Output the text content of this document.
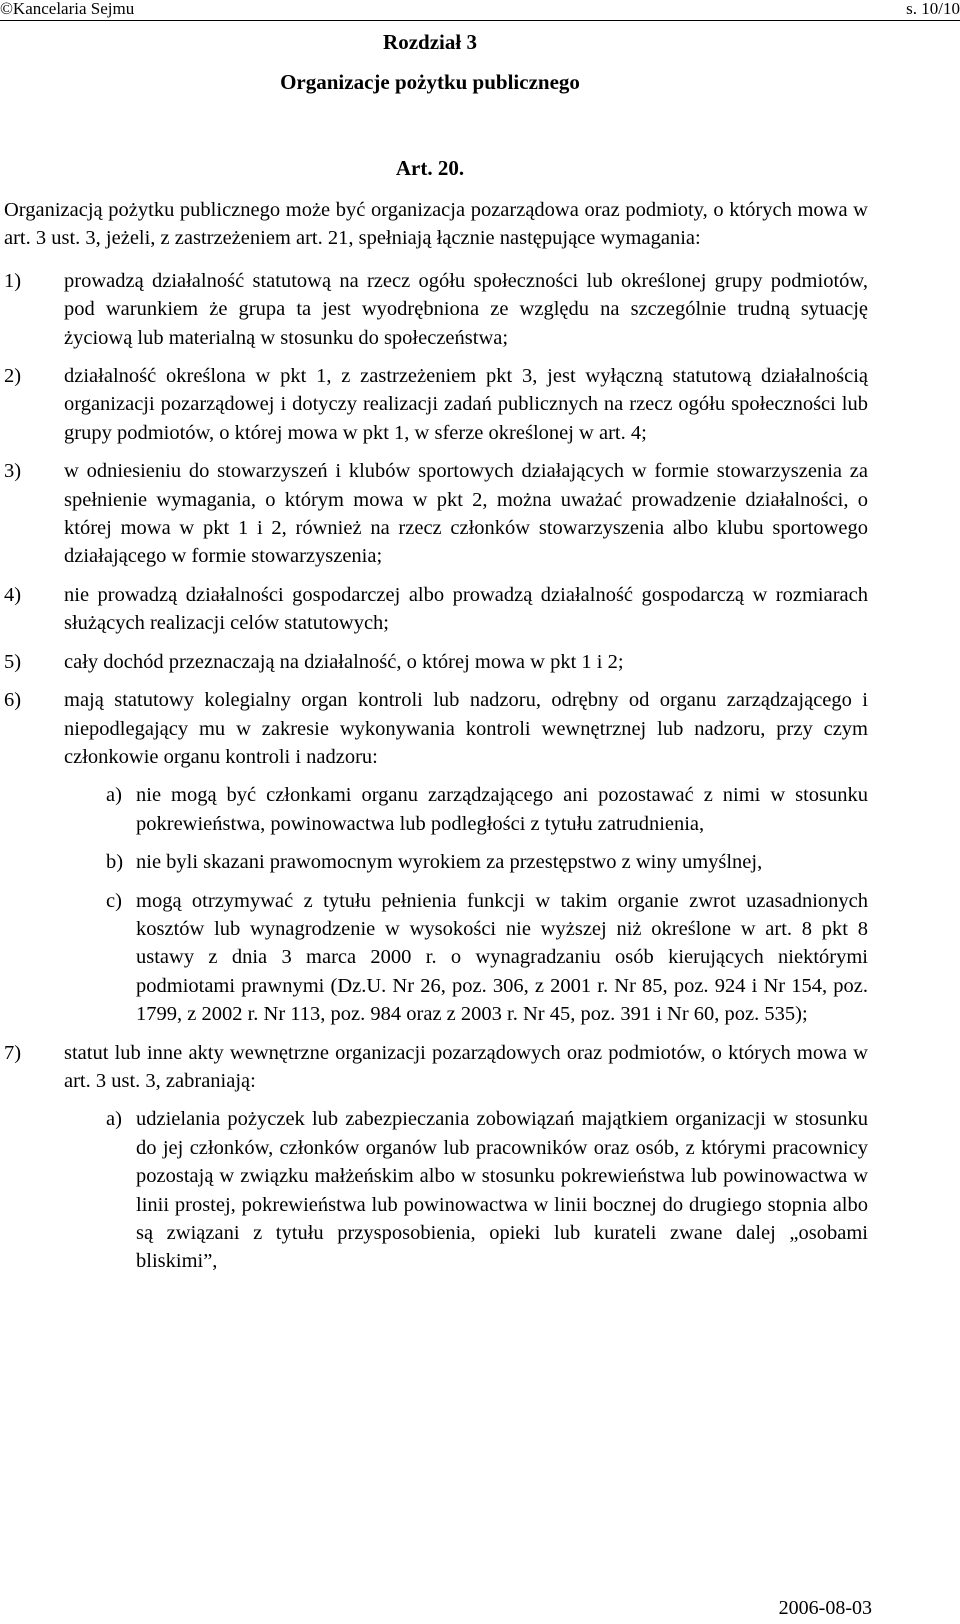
©Kancelaria Sejmu	s. 10/10
Rozdział 3
Organizacje pożytku publicznego
Art. 20.

Organizacją pożytku publicznego może być organizacja pozarządowa oraz podmioty, o których mowa w art. 3 ust. 3, jeżeli, z zastrzeżeniem art. 21, spełniają łącznie następujące wymagania:

1) prowadzą działalność statutową na rzecz ogółu społeczności lub określonej grupy podmiotów, pod warunkiem że grupa ta jest wyodrębniona ze względu na szczególnie trudną sytuację życiową lub materialną w stosunku do społeczeństwa;
2) działalność określona w pkt 1, z zastrzeżeniem pkt 3, jest wyłączną statutową działalnością organizacji pozarządowej i dotyczy realizacji zadań publicznych na rzecz ogółu społeczności lub grupy podmiotów, o której mowa w pkt 1, w sferze określonej w art. 4;
3) w odniesieniu do stowarzyszeń i klubów sportowych działających w formie stowarzyszenia za spełnienie wymagania, o którym mowa w pkt 2, można uważać prowadzenie działalności, o której mowa w pkt 1 i 2, również na rzecz członków stowarzyszenia albo klubu sportowego działającego w formie stowarzyszenia;
4) nie prowadzą działalności gospodarczej albo prowadzą działalność gospodarczą w rozmiarach służących realizacji celów statutowych;
5) cały dochód przeznaczają na działalność, o której mowa w pkt 1 i 2;
6) mają statutowy kolegialny organ kontroli lub nadzoru, odrębny od organu zarządzającego i niepodlegający mu w zakresie wykonywania kontroli wewnętrznej lub nadzoru, przy czym członkowie organu kontroli i nadzoru:
a) nie mogą być członkami organu zarządzającego ani pozostawać z nimi w stosunku pokrewieństwa, powinowactwa lub podległości z tytułu zatrudnienia,
b) nie byli skazani prawomocnym wyrokiem za przestępstwo z winy umyślnej,
c) mogą otrzymywać z tytułu pełnienia funkcji w takim organie zwrot uzasadnionych kosztów lub wynagrodzenie w wysokości nie wyższej niż określone w art. 8 pkt 8 ustawy z dnia 3 marca 2000 r. o wynagradzaniu osób kierujących niektórymi podmiotami prawnymi (Dz.U. Nr 26, poz. 306, z 2001 r. Nr 85, poz. 924 i Nr 154, poz. 1799, z 2002 r. Nr 113, poz. 984 oraz z 2003 r. Nr 45, poz. 391 i Nr 60, poz. 535);
7) statut lub inne akty wewnętrzne organizacji pozarządowych oraz podmiotów, o których mowa w art. 3 ust. 3, zabraniają:
a) udzielania pożyczek lub zabezpieczania zobowiązań majątkiem organizacji w stosunku do jej członków, członków organów lub pracowników oraz osób, z którymi pracownicy pozostają w związku małżeńskim albo w stosunku pokrewieństwa lub powinowactwa w linii prostej, pokrewieństwa lub powinowactwa w linii bocznej do drugiego stopnia albo są związani z tytułu przysposobienia, opieki lub kurateli zwane dalej „osobami bliskimi”,
2006-08-03
